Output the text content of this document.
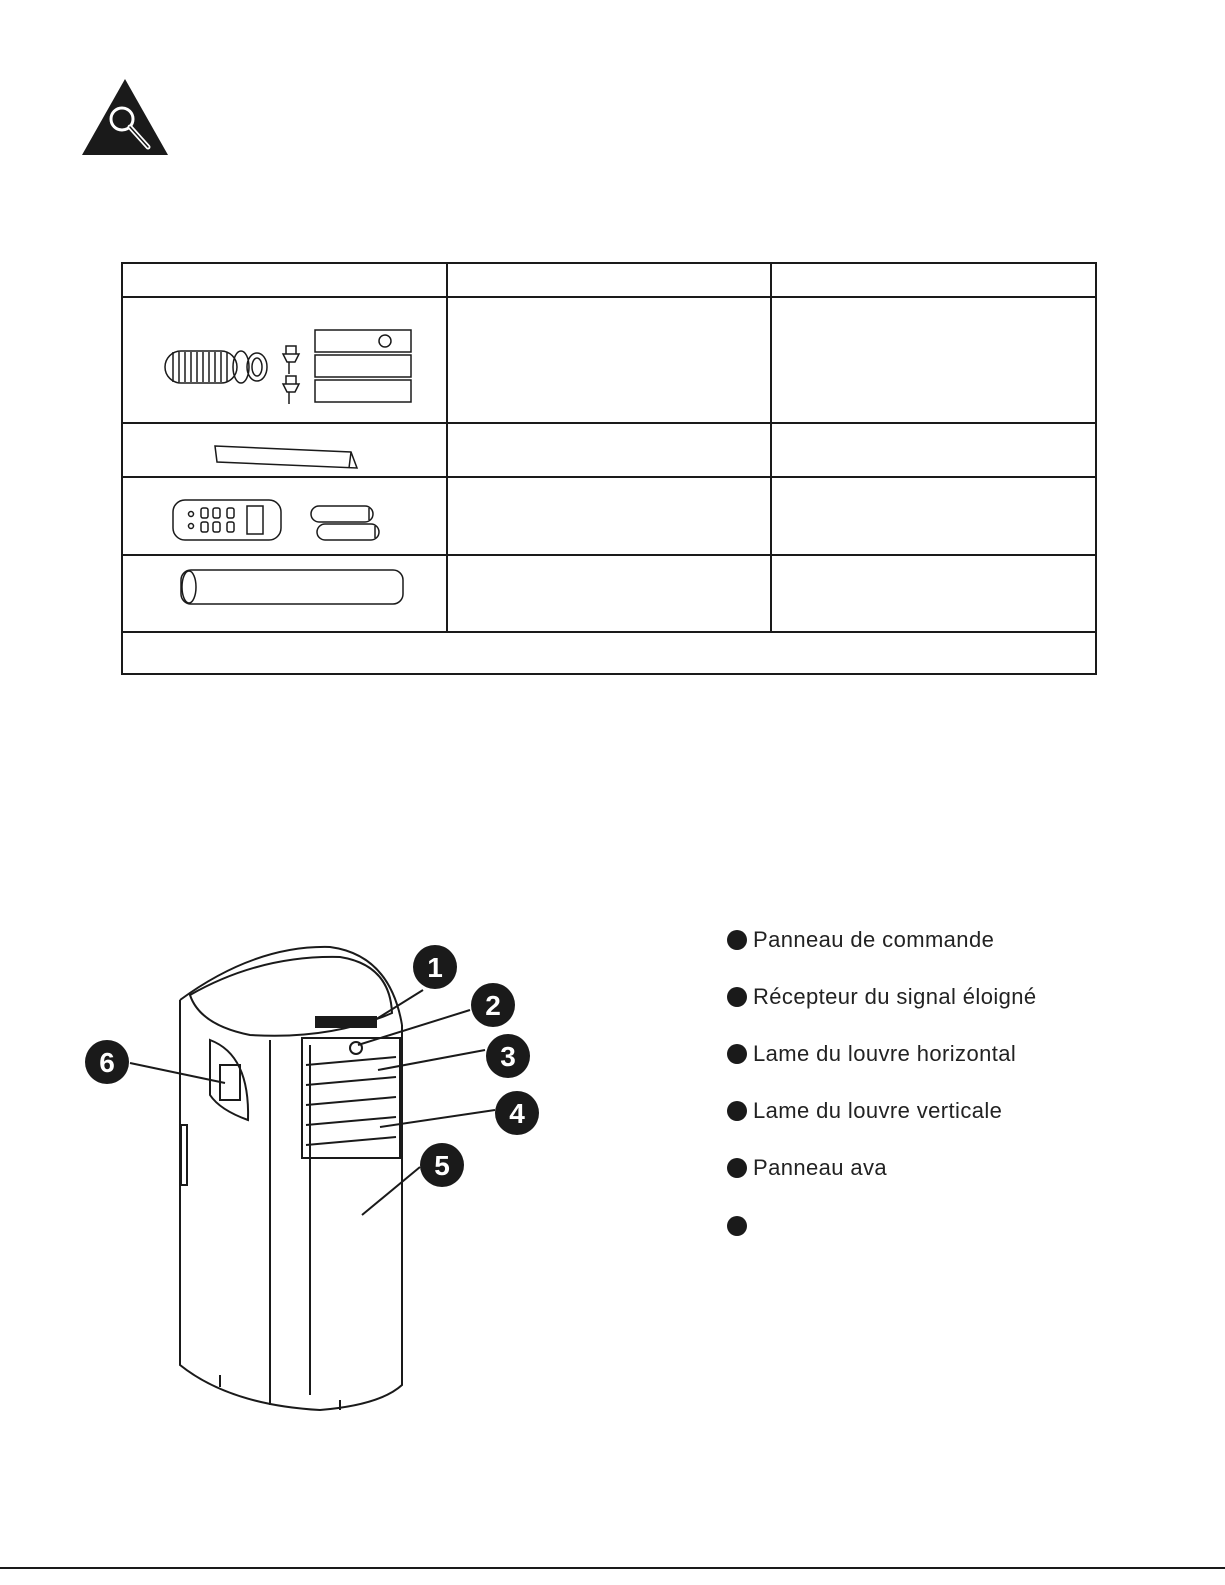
1
2
3
4
5
6
Panneau de commande
Récepteur du signal éloigné
Lame du louvre horizontal
Lame du louvre verticale
Panneau ava
